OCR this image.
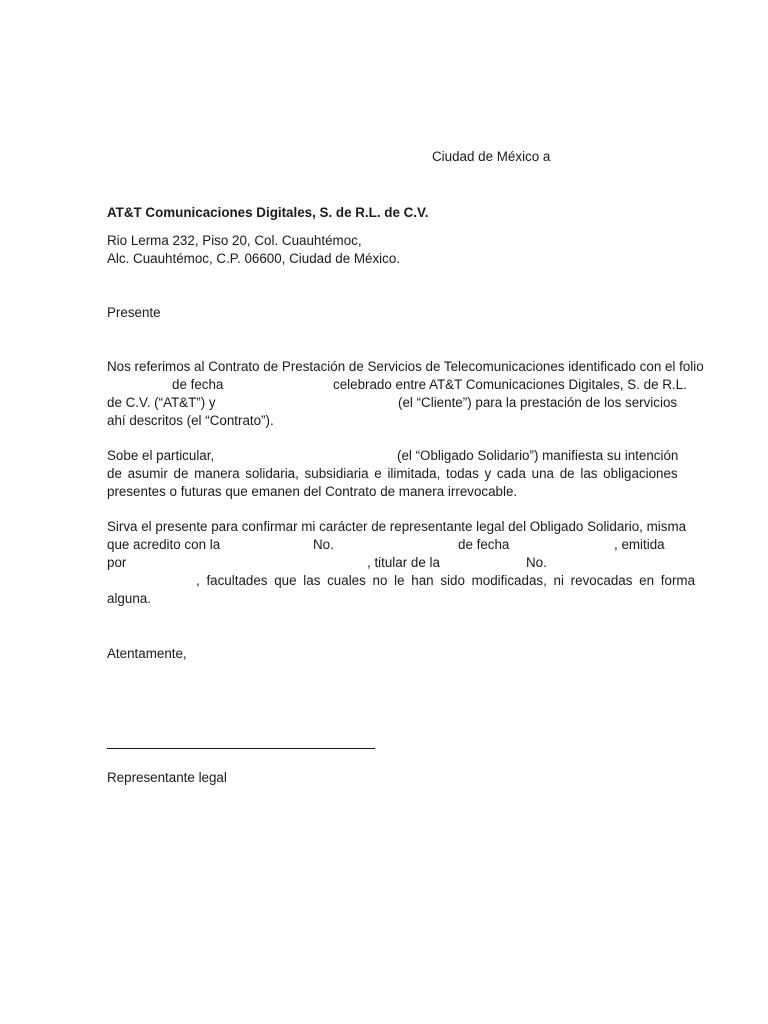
Ciudad de México a
AT&T Comunicaciones Digitales, S. de R.L. de C.V.
Rio Lerma 232, Piso 20, Col. Cuauhtémoc,
Alc. Cuauhtémoc, C.P. 06600, Ciudad de México.
Presente
Nos referimos al Contrato de Prestación de Servicios de Telecomunicaciones identificado con el folio
de fecha	celebrado entre AT&T Comunicaciones Digitales, S. de R.L.
de C.V. (“AT&T”) y	(el “Cliente”) para la prestación de los servicios
ahí descritos (el “Contrato”).
Sobe el particular,	(el “Obligado Solidario”) manifiesta su intención
de asumir de manera solidaria, subsidiaria e ilimitada, todas y cada una de las obligaciones
presentes o futuras que emanen del Contrato de manera irrevocable.
Sirva el presente para confirmar mi carácter de representante legal del Obligado Solidario, misma
que acredito con la	No.	de fecha	, emitida
por	, titular de la	No.
, facultades que las cuales no le han sido modificadas, ni revocadas en forma
alguna.
Atentamente,
Representante legal
